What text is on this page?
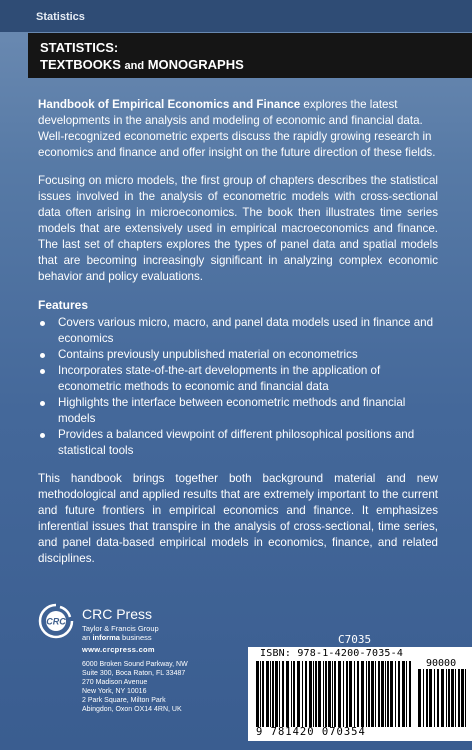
Statistics
STATISTICS:
TEXTBOOKS and MONOGRAPHS

Handbook of Empirical Economics and Finance explores the latest developments in the analysis and modeling of economic and financial data. Well-recognized econometric experts discuss the rapidly growing research in economics and finance and offer insight on the future direction of these fields.

Focusing on micro models, the first group of chapters describes the statistical issues involved in the analysis of econometric models with cross-sectional data often arising in microeconomics. The book then illustrates time series models that are extensively used in empirical macroeconomics and finance. The last set of chapters explores the types of panel data and spatial models that are becoming increasingly significant in analyzing complex economic behavior and policy evaluations.

Features
Covers various micro, macro, and panel data models used in finance and economics
Contains previously unpublished material on econometrics
Incorporates state-of-the-art developments in the application of econometric methods to economic and financial data
Highlights the interface between econometric methods and financial models
Provides a balanced viewpoint of different philosophical positions and statistical tools

This handbook brings together both background material and new methodological and applied results that are extremely important to the current and future frontiers in empirical economics and finance. It emphasizes inferential issues that transpire in the analysis of cross-sectional, time series, and panel data-based empirical models in economics, finance, and related disciplines.

CRC CRC Press
Taylor & Francis Group
an informa business
www.crcpress.com
6000 Broken Sound Parkway, NW
Suite 300, Boca Raton, FL 33487
270 Madison Avenue
New York, NY 10016
2 Park Square, Milton Park
Abingdon, Oxon OX14 4RN, UK
C7035
ISBN: 978-1-4200-7035-4
90000
9 781420 070354
